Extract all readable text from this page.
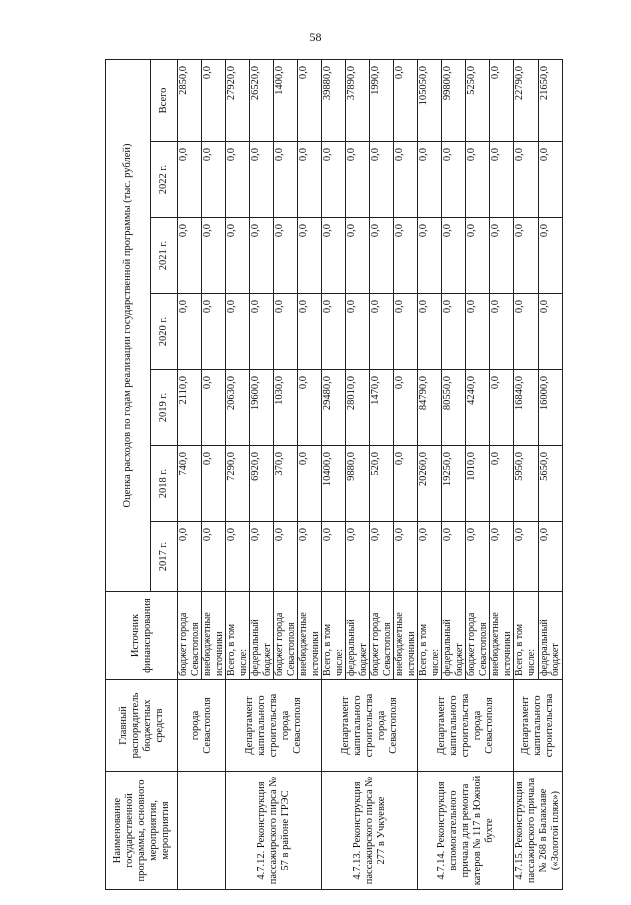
58
Наименование государственной программы, основного мероприятия, мероприятия	Главный распорядитель бюджетных средств	Источник финансирования	Оценка расходов по годам реализации государственной программы (тыс. рублей)						
			2017 г.	2018 г.	2019 г.	2020 г.	2021 г.	2022 г.	Всего
	города Севастополя	бюджет города Севастополя	0,0	740,0	2110,0	0,0	0,0	0,0	2850,0
		внебюджетные источники	0,0	0,0	0,0	0,0	0,0	0,0	0,0
4.7.12. Реконструкция пассажирского пирса № 57 в районе ГРЭС	Департамент капитального строительства города Севастополя	Всего, в том числе:	0,0	7290,0	20630,0	0,0	0,0	0,0	27920,0
		федеральный бюджет	0,0	6920,0	19600,0	0,0	0,0	0,0	26520,0
		бюджет города Севастополя	0,0	370,0	1030,0	0,0	0,0	0,0	1400,0
		внебюджетные источники	0,0	0,0	0,0	0,0	0,0	0,0	0,0
4.7.13. Реконструкция пассажирского пирса № 277 в Учкуевке	Департамент капитального строительства города Севастополя	Всего, в том числе:	0,0	10400,0	29480,0	0,0	0,0	0,0	39880,0
		федеральный бюджет	0,0	9880,0	28010,0	0,0	0,0	0,0	37890,0
		бюджет города Севастополя	0,0	520,0	1470,0	0,0	0,0	0,0	1990,0
		внебюджетные источники	0,0	0,0	0,0	0,0	0,0	0,0	0,0
4.7.14. Реконструкция вспомогательного причала для ремонта катеров № 117 в Южной бухте	Департамент капитального строительства города Севастополя	Всего, в том числе:	0,0	20260,0	84790,0	0,0	0,0	0,0	105050,0
		федеральный бюджет	0,0	19250,0	80550,0	0,0	0,0	0,0	99800,0
		бюджет города Севастополя	0,0	1010,0	4240,0	0,0	0,0	0,0	5250,0
		внебюджетные источники	0,0	0,0	0,0	0,0	0,0	0,0	0,0
4.7.15. Реконструкция пассажирского причала № 268 в Балаклаве («Золотой пляж»)	Департамент капитального строительства	Всего, в том числе:	0,0	5950,0	16840,0	0,0	0,0	0,0	22790,0
		федеральный бюджет	0,0	5650,0	16000,0	0,0	0,0	0,0	21650,0
